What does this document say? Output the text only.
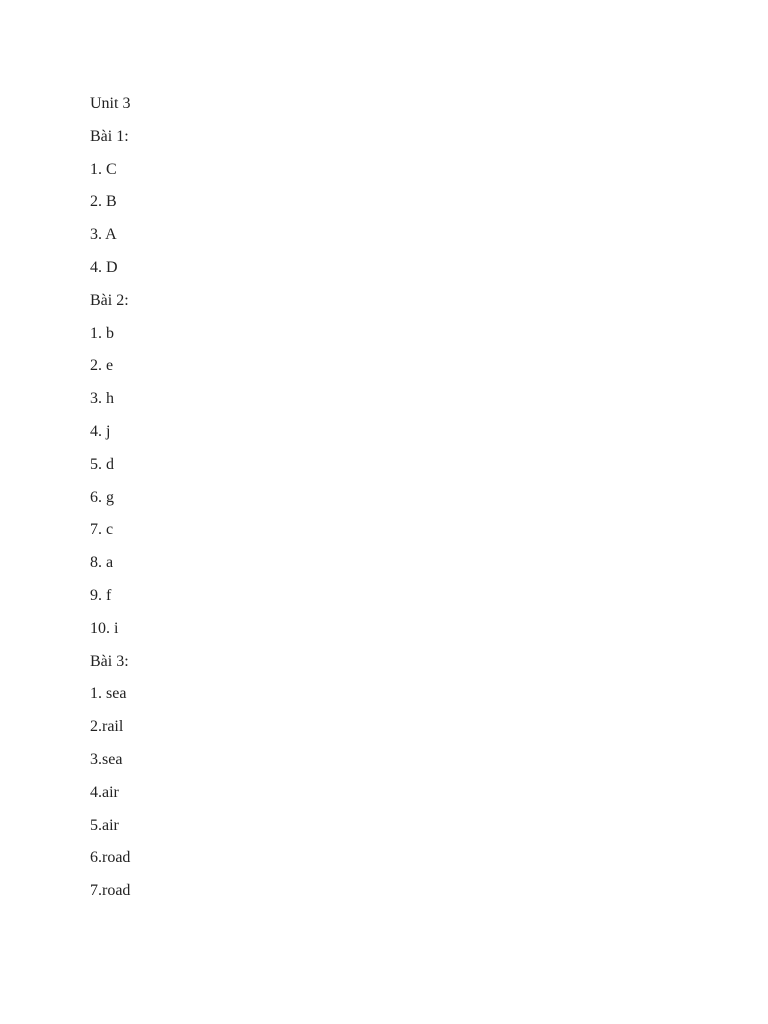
Unit 3
Bài 1:
1. C
2. B
3. A
4. D
Bài 2:
1. b
2. e
3. h
4. j
5. d
6. g
7. c
8. a
9. f
10. i
Bài 3:
1. sea
2.rail
3.sea
4.air
5.air
6.road
7.road
